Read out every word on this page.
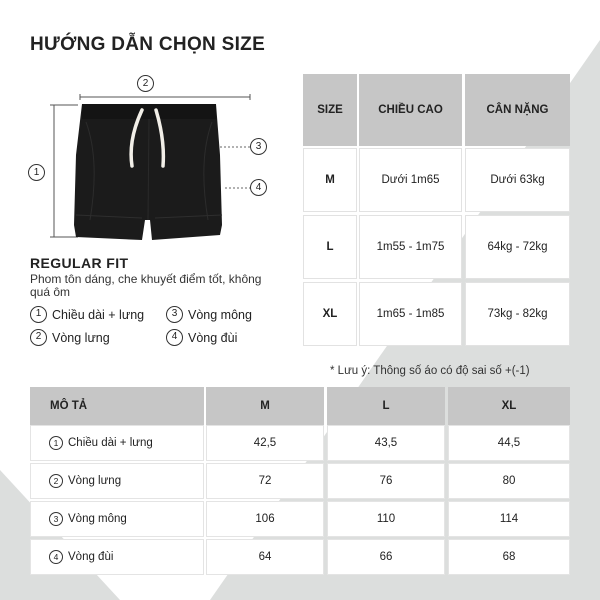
HƯỚNG DẪN CHỌN SIZE
2
1
3
4
REGULAR FIT
Phom tôn dáng, che khuyết điểm tốt, không quá ôm
1 Chiều dài + lưng	3 Vòng mông
2 Vòng lưng	4 Vòng đùi
SIZE	CHIỀU CAO	CÂN NẶNG
M	Dưới 1m65	Dưới 63kg
L	1m55 - 1m75	64kg - 72kg
XL	1m65 - 1m85	73kg - 82kg
* Lưu ý: Thông số áo có độ sai số +(-1)
MÔ TẢ	M	L	XL
1 Chiều dài + lưng	42,5	43,5	44,5
2 Vòng lưng	72	76	80
3 Vòng mông	106	110	114
4 Vòng đùi	64	66	68
